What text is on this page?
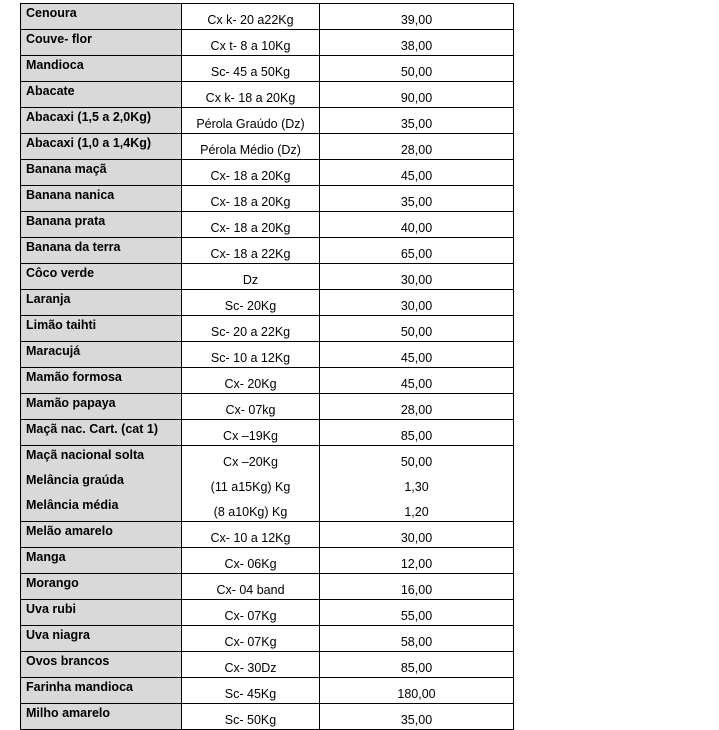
Cenoura	Cx k- 20 a22Kg	39,00
Couve- flor	Cx t- 8 a 10Kg	38,00
Mandioca	Sc- 45 a 50Kg	50,00
Abacate	Cx k- 18 a 20Kg	90,00
Abacaxi (1,5 a 2,0Kg)	Pérola Graúdo (Dz)	35,00
Abacaxi (1,0 a 1,4Kg)	Pérola Médio (Dz)	28,00
Banana maçã	Cx- 18 a 20Kg	45,00
Banana nanica	Cx- 18 a 20Kg	35,00
Banana prata	Cx- 18 a 20Kg	40,00
Banana da terra	Cx- 18 a 22Kg	65,00
Côco verde	Dz	30,00
Laranja	Sc- 20Kg	30,00
Limão taihti	Sc- 20 a 22Kg	50,00
Maracujá	Sc- 10 a 12Kg	45,00
Mamão formosa	Cx- 20Kg	45,00
Mamão papaya	Cx- 07kg	28,00
Maçã nac. Cart. (cat 1)	Cx –19Kg	85,00
Maçã nacional solta	Cx –20Kg	50,00
Melância graúda	(11 a15Kg) Kg	1,30
Melância média	(8 a10Kg) Kg	1,20
Melão amarelo	Cx- 10 a 12Kg	30,00
Manga	Cx- 06Kg	12,00
Morango	Cx- 04 band	16,00
Uva rubi	Cx- 07Kg	55,00
Uva niagra	Cx- 07Kg	58,00
Ovos brancos	Cx- 30Dz	85,00
Farinha mandioca	Sc- 45Kg	180,00
Milho amarelo	Sc- 50Kg	35,00
